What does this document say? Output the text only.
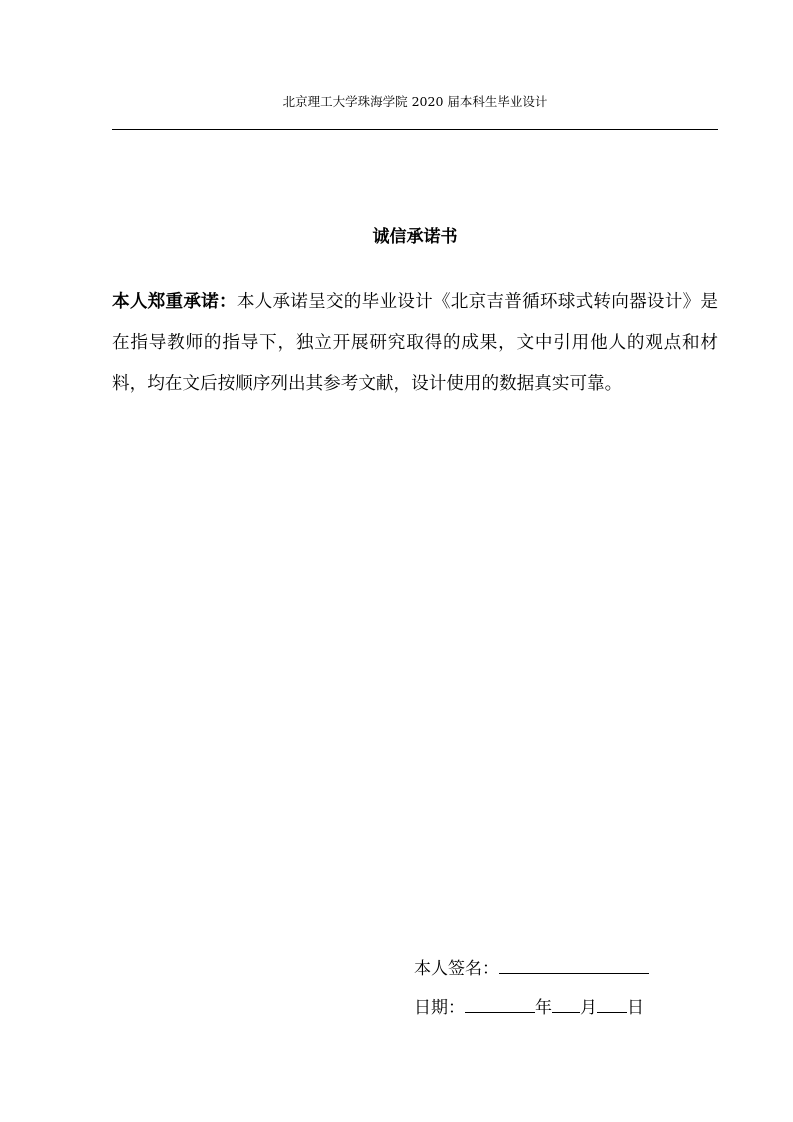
北京理工大学珠海学院 2020 届本科生毕业设计
诚信承诺书

本人郑重承诺：本人承诺呈交的毕业设计《北京吉普循环球式转向器设计》是在指导教师的指导下，独立开展研究取得的成果，文中引用他人的观点和材料，均在文后按顺序列出其参考文献，设计使用的数据真实可靠。

本人签名：
日期：	年 月 日
